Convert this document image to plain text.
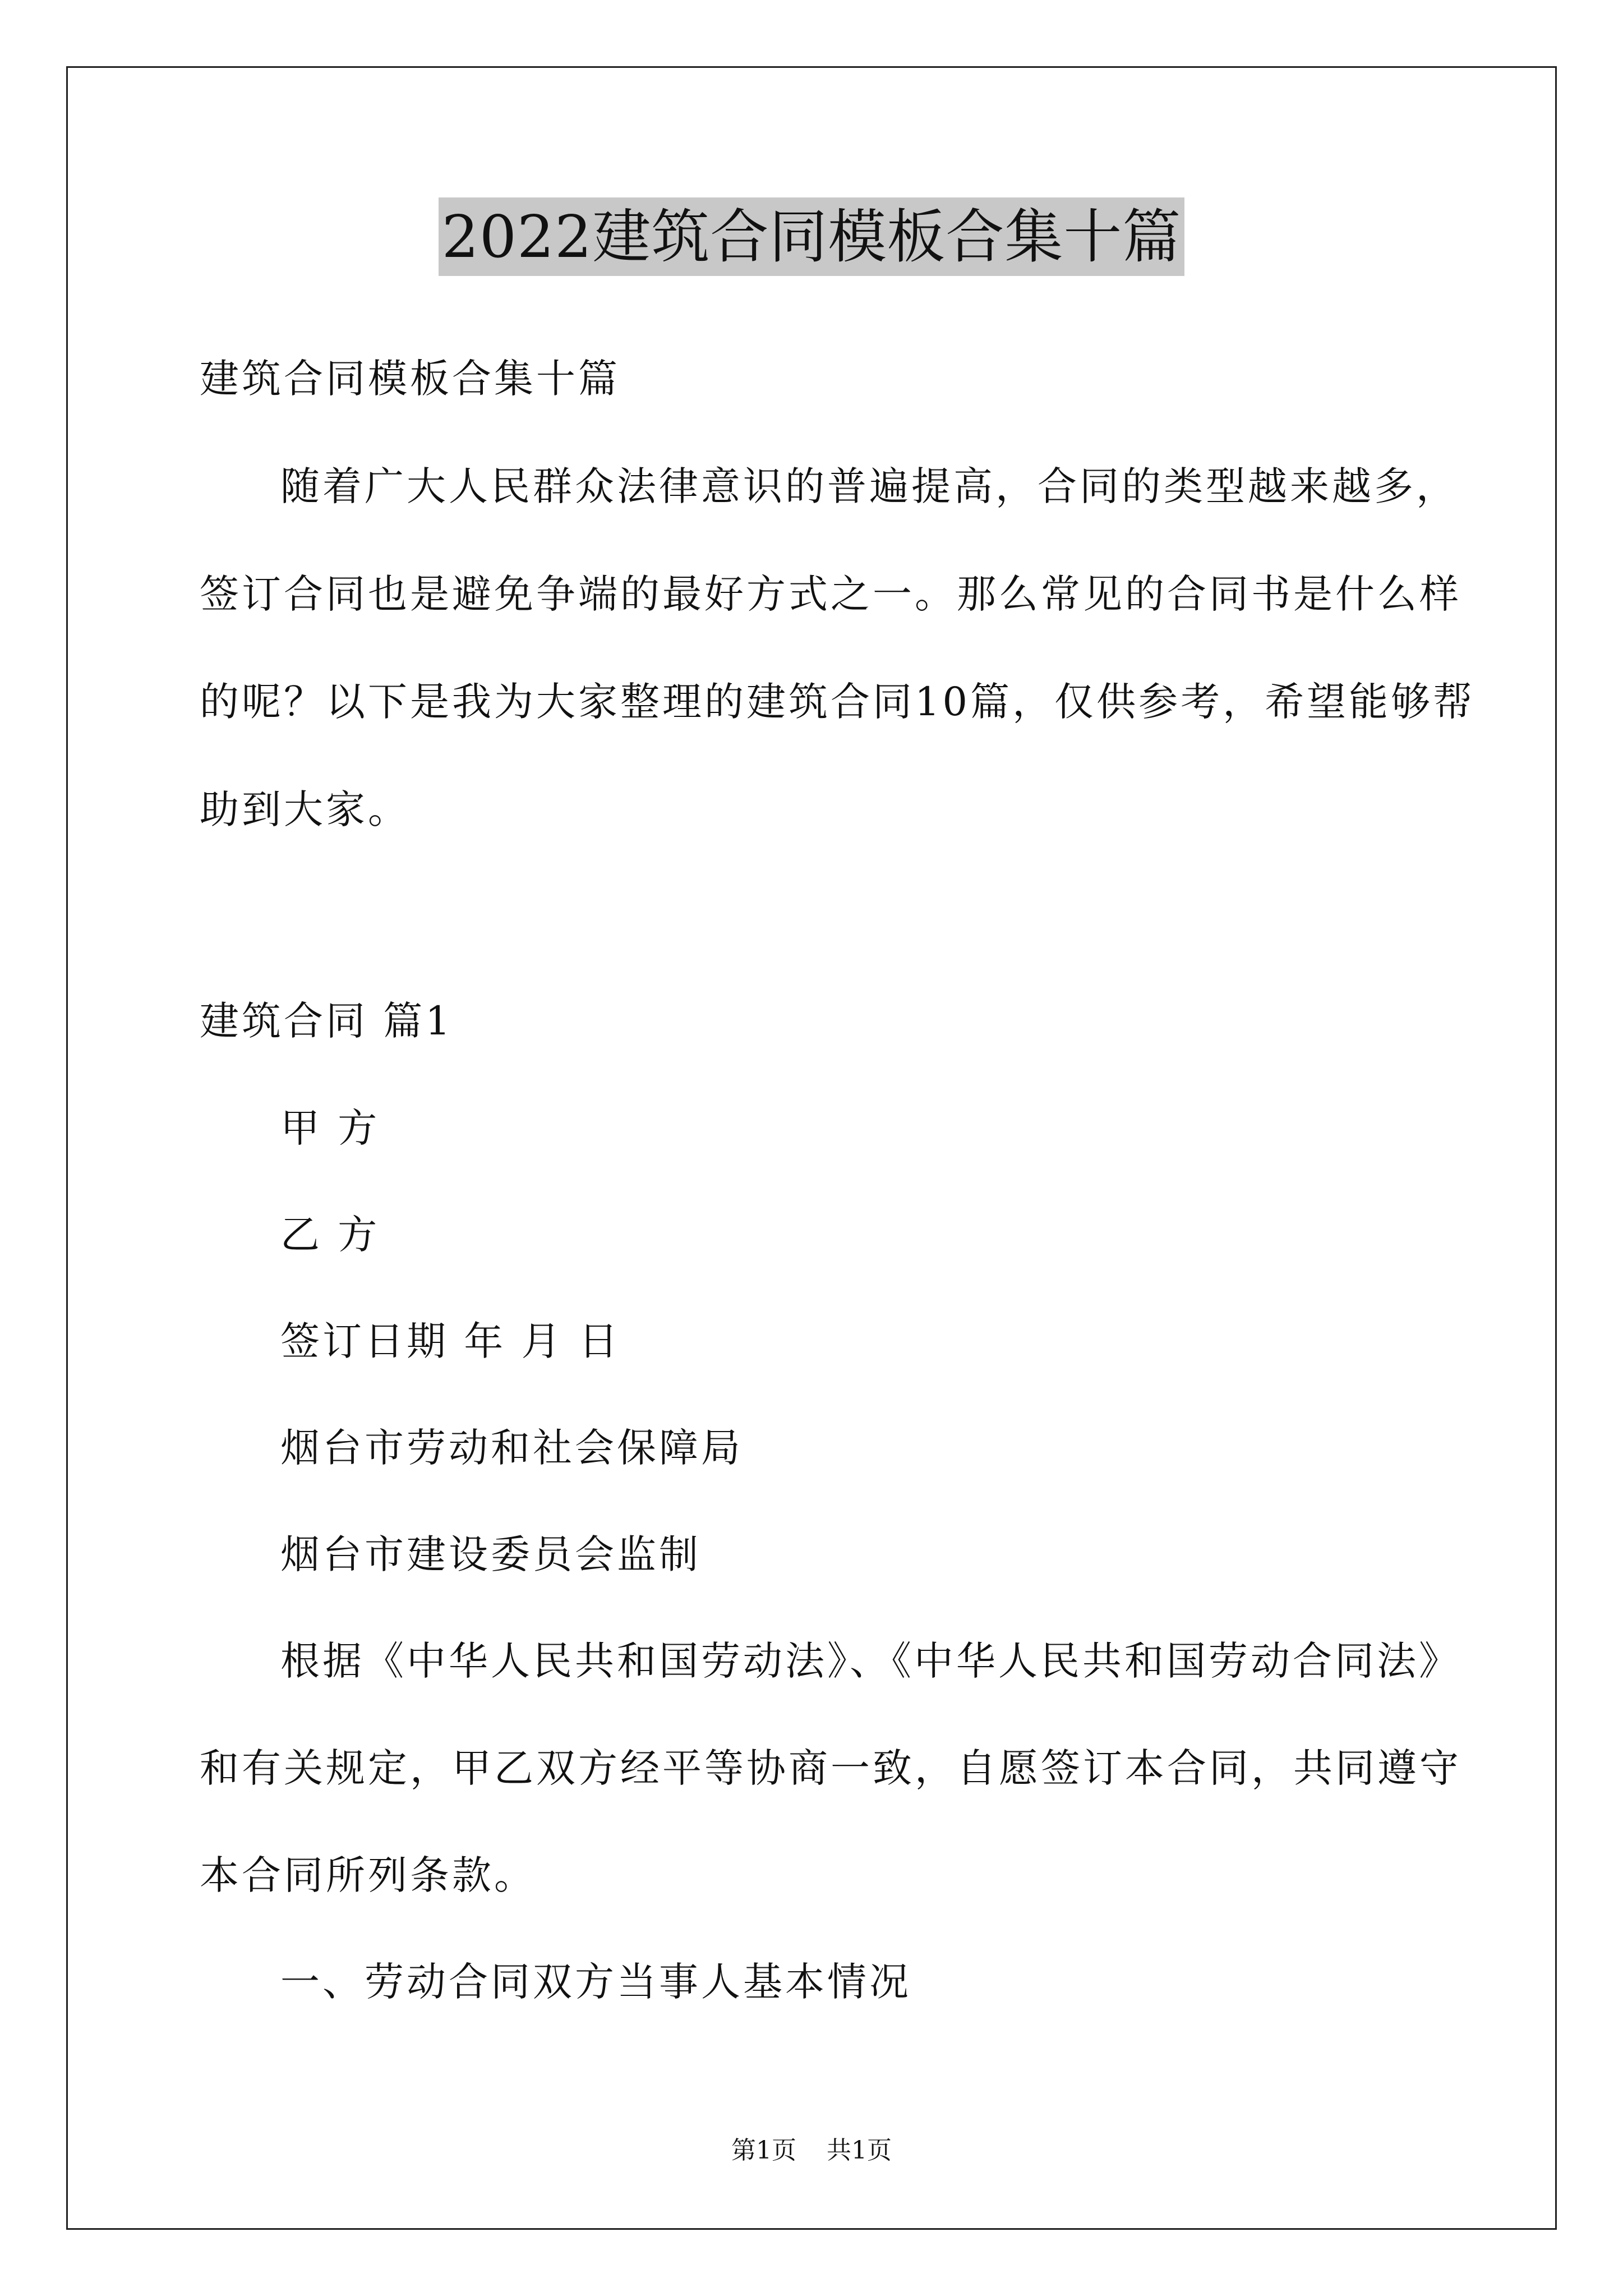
2022建筑合同模板合集十篇
建筑合同模板合集十篇
随着广大人民群众法律意识的普遍提高，合同的类型越来越多，
签订合同也是避免争端的最好方式之一。那么常见的合同书是什么样
的呢？以下是我为大家整理的建筑合同10篇，仅供参考，希望能够帮
助到大家。
建筑合同 篇1
甲 方
乙 方
签订日期 年 月 日
烟台市劳动和社会保障局
烟台市建设委员会监制
根据《中华人民共和国劳动法》、《中华人民共和国劳动合同法》
和有关规定，甲乙双方经平等协商一致，自愿签订本合同，共同遵守
本合同所列条款。
一、劳动合同双方当事人基本情况
第1页 共1页
